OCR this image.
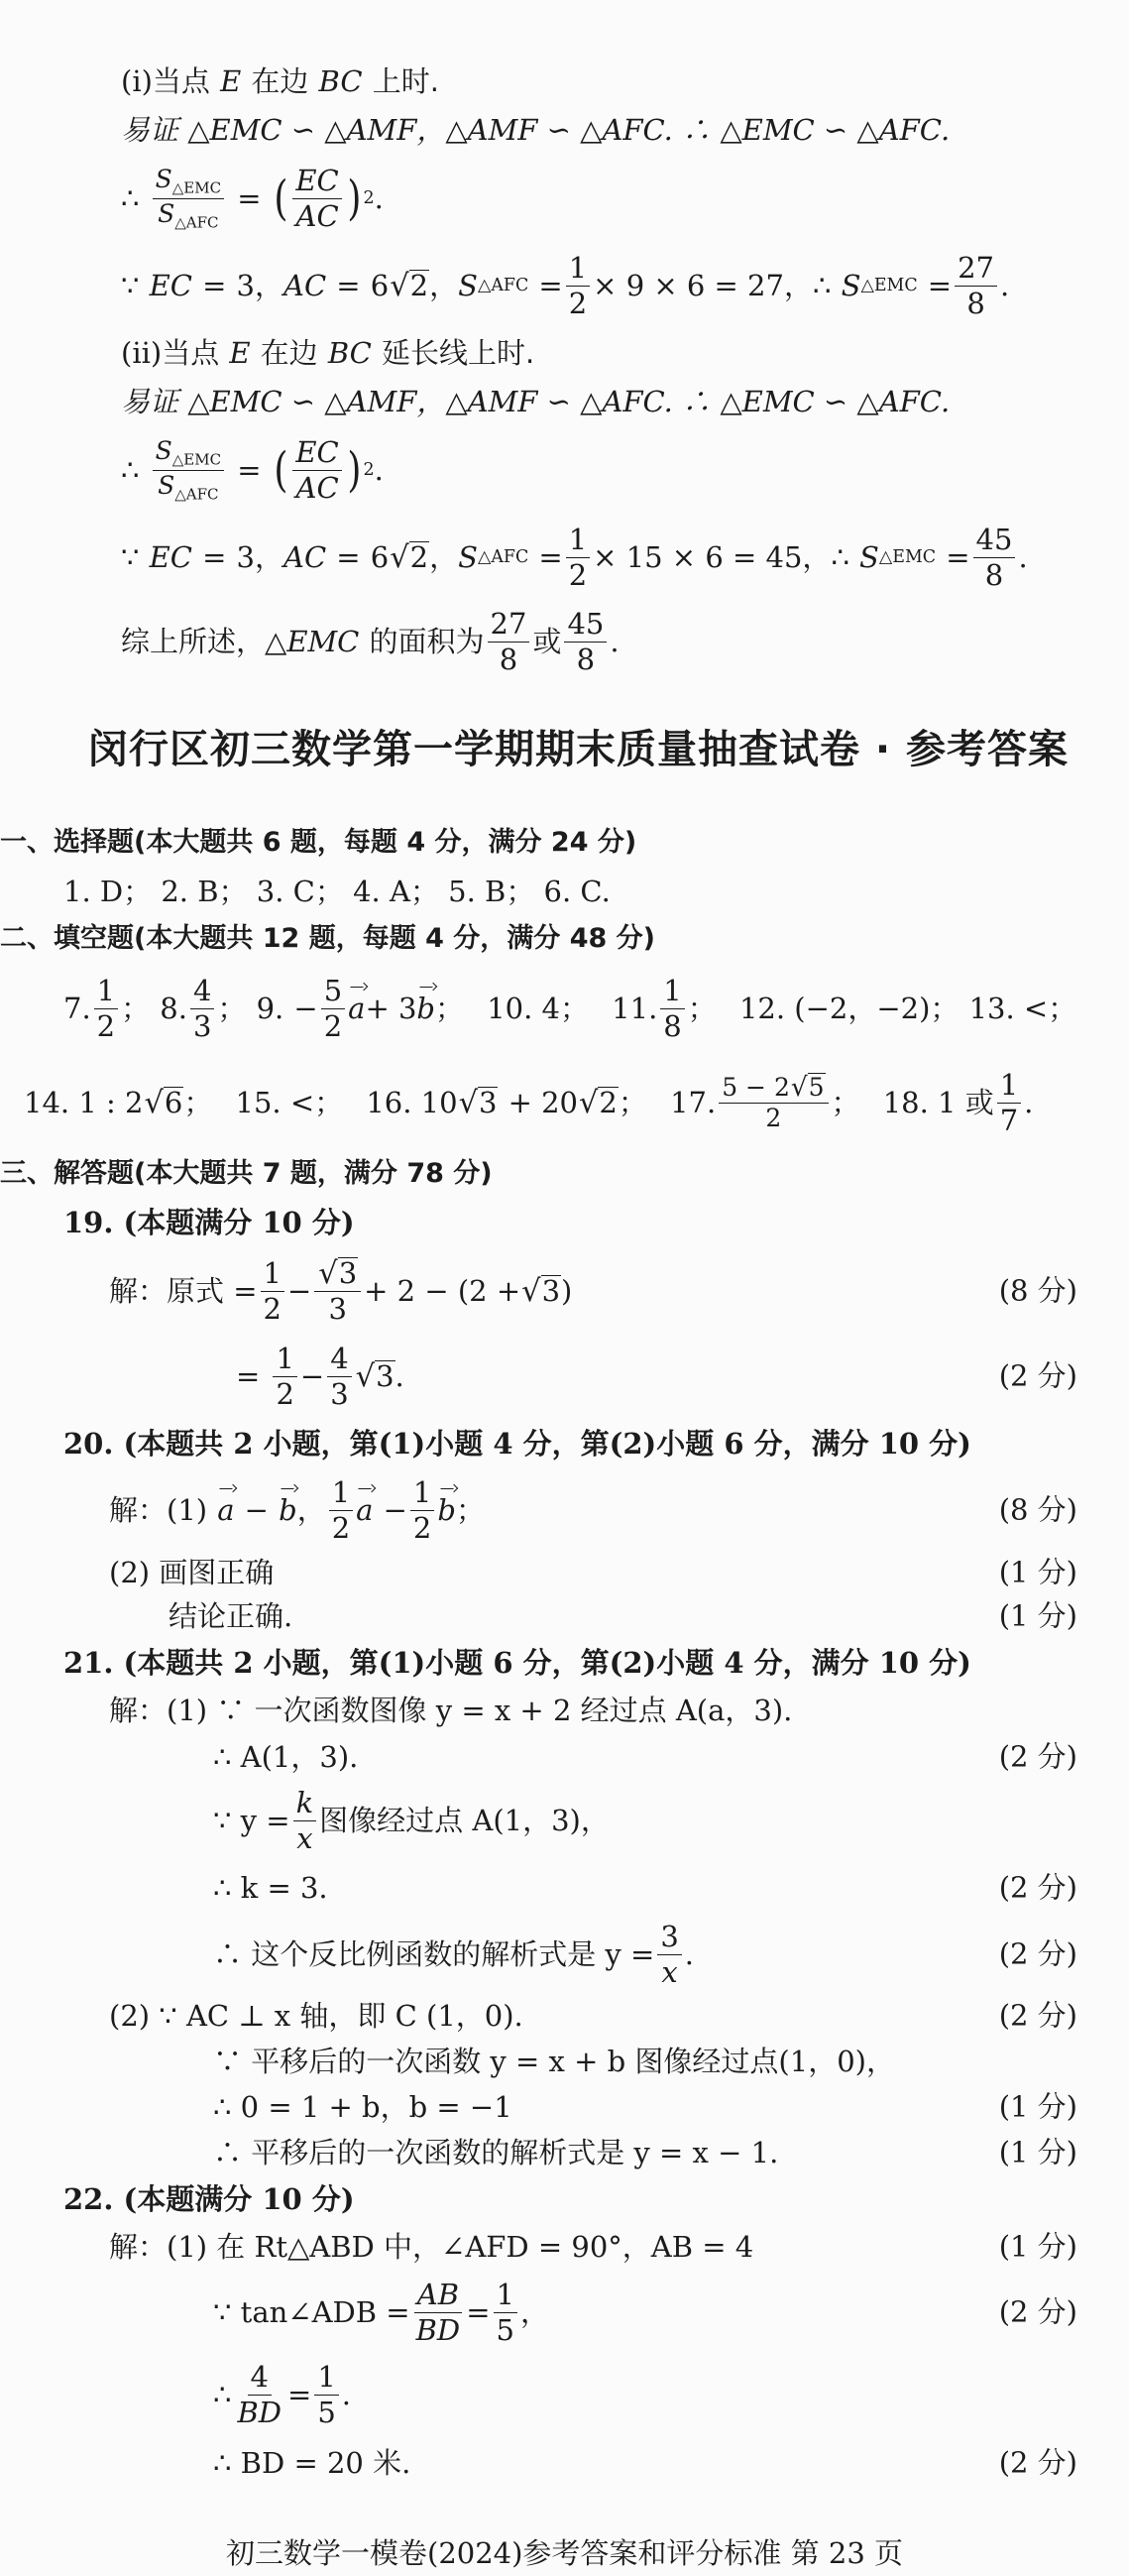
(i) 当点 E 在边 BC 上时.
易证 △EMC ∽ △AMF，△AMF ∽ △AFC. ∴ △EMC ∽ △AFC.
∴ $\frac{S_{\triangle EMC}}{S_{\triangle AFC}}$ = ( $\frac{EC}{AC}$ ) 2 .
∵ EC = 3 ， AC = 6 √ 2 ， S △AFC = $\frac{1}{2} \times 9 \times 6 = 27$ ， ∴ S △EMC = $\frac{27}{8}$ .
(ii) 当点 E 在边 BC 延长线上时.
易证 △EMC ∽ △AMF，△AMF ∽ △AFC. ∴ △EMC ∽ △AFC.
∴ $\frac{S_{\triangle EMC}}{S_{\triangle AFC}}$ = ( $\frac{EC}{AC}$ ) 2 .
∵ EC = 3 ， AC = 6 √ 2 ， S △AFC = $\frac{1}{2} \times 15 \times 6 = 45$ ， ∴ S △EMC = $\frac{45}{8}$ .
综上所述， △EMC 的面积为 $\frac{27}{8}$ 或 $\frac{45}{8}$ .
闵行区初三数学第一学期期末质量抽查试卷 · 参考答案
一、选择题(本大题共 6 题，每题 4 分，满分 24 分)
1. D； 2. B； 3. C； 4. A； 5. B； 6. C.
二、填空题(本大题共 12 题，每题 4 分，满分 48 分)
7. $\frac{1}{2}$ ； 8. $\frac{4}{3}$ ； 9. − $\frac{5}{2}$ a + 3 b ； 10. 4； 11. $\frac{1}{8}$ ； 12. (−2，−2)； 13. <；
14. 1 : 2 √ 6 ； 15. <； 16. 10 √ 3 + 20 √ 2 ； 17. $\frac{5 - 2 √ 5}{2}$ ； 18. 1 或 $\frac{1}{7}$ .
三、解答题(本大题共 7 题，满分 78 分)
19. (本题满分 10 分)
解：原式 = $\frac{1}{2} - \frac{√ 3}{3} + 2 - (2$ + √ 3 )	(8 分)
= $\frac{1}{2} - \frac{4}{3}$ √ 3 .	(2 分)
20. (本题共 2 小题，第(1)小题 4 分，第(2)小题 6 分，满分 10 分)
解：(1) a − b ， $\frac{1}{2}$ $a - \frac{1}{2}$ b ；	(8 分)
(2) 画图正确	(1 分)
结论正确.	(1 分)
21. (本题共 2 小题，第(1)小题 6 分，第(2)小题 4 分，满分 10 分)
解：(1) ∵ 一次函数图像 y = x + 2 经过点 A(a，3).
∴ A(1，3).	(2 分)
∵ $y = \frac{k}{x}$ 图像经过点 A(1，3)，
∴ k = 3.	(2 分)
∴ 这个反比例函数的解析式是 $y = \frac{3}{x}$ .	(2 分)
(2) ∵ AC ⊥ x 轴，即 C (1，0).	(2 分)
∵ 平移后的一次函数 y = x + b 图像经过点(1，0)，
∴ 0 = 1 + b，b = −1	(1 分)
∴ 平移后的一次函数的解析式是 y = x − 1.	(1 分)
22. (本题满分 10 分)
解：(1) 在 Rt△ABD 中，∠AFD = 90°，AB = 4	(1 分)
∵ tan∠ADB = $\frac{AB}{BD} = \frac{1}{5}$ ，	(2 分)
∴ $\frac{4}{BD} = \frac{1}{5}$ .
∴ BD = 20 米.	(2 分)
初三数学一模卷(2024)参考答案和评分标准 第 23 页
